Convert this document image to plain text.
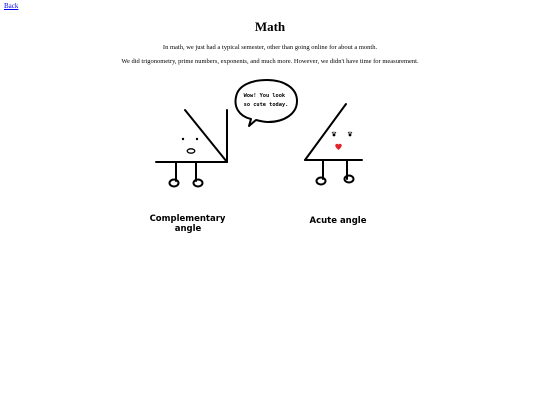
Back
Math

In math, we just had a typical semester, other than going online for about a month.

We did trigonometry, prime numbers, exponents, and much more. However, we didn't have time for measurement.

Wow! You look so cute today.
Complementary angle
Acute angle
